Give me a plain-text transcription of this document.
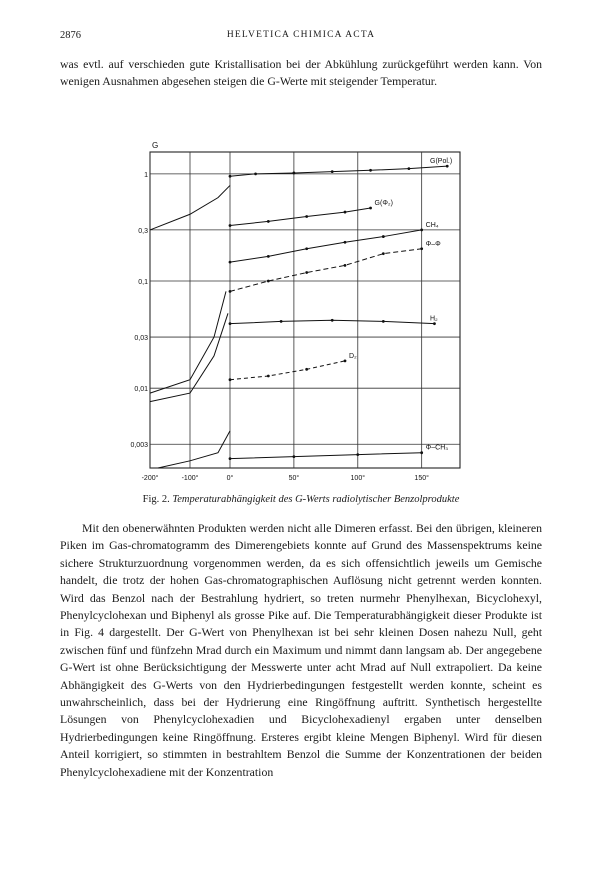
2876	HELVETICA CHIMICA ACTA

was evtl. auf verschieden gute Kristallisation bei der Abkühlung zurückgeführt werden kann. Von wenigen Ausnahmen abgesehen steigen die G-Werte mit steigender Temperatur.

1
0,3
0,1
0,03
0,01
0,003
-200°	-100°	0°	50°	100°	150°
G
G(Pol.)
G(Φ₂)
CH₄
Φ–Φ
H₂
D₂
Φ–CH₃
Fig. 2. Temperaturabhängigkeit des G-Werts radiolytischer Benzolprodukte

Mit den obenerwähnten Produkten werden nicht alle Dimeren erfasst. Bei den übrigen, kleineren Piken im Gas-chromatogramm des Dimerengebiets konnte auf Grund des Massenspektrums keine sichere Strukturzuordnung vorgenommen werden, da es sich offensichtlich jeweils um Gemische handelt, die trotz der hohen Gas-chromatographischen Auflösung nicht getrennt werden konnten. Wird das Benzol nach der Bestrahlung hydriert, so treten nurmehr Phenylhexan, Bicyclohexyl, Phenylcyclohexan und Biphenyl als grosse Pike auf. Die Temperaturabhängigkeit dieser Produkte ist in Fig. 4 dargestellt. Der G-Wert von Phenylhexan ist bei sehr kleinen Dosen nahezu Null, geht zwischen fünf und fünfzehn Mrad durch ein Maximum und nimmt dann langsam ab. Der angegebene G-Wert ist ohne Berücksichtigung der Messwerte unter acht Mrad auf Null extrapoliert. Da keine Abhängigkeit des G-Werts von den Hydrierbedingungen festgestellt werden konnte, scheint es unwahrscheinlich, dass bei der Hydrierung eine Ringöffnung auftritt. Synthetisch hergestellte Lösungen von Phenylcyclohexadien und Bicyclohexadienyl ergaben unter denselben Hydrierbedingungen keine Ringöffnung. Ersteres ergibt kleine Mengen Biphenyl. Wird für diesen Anteil korrigiert, so stimmten in bestrahltem Benzol die Summe der Konzentrationen der beiden Phenylcyclohexadiene mit der Konzentration
